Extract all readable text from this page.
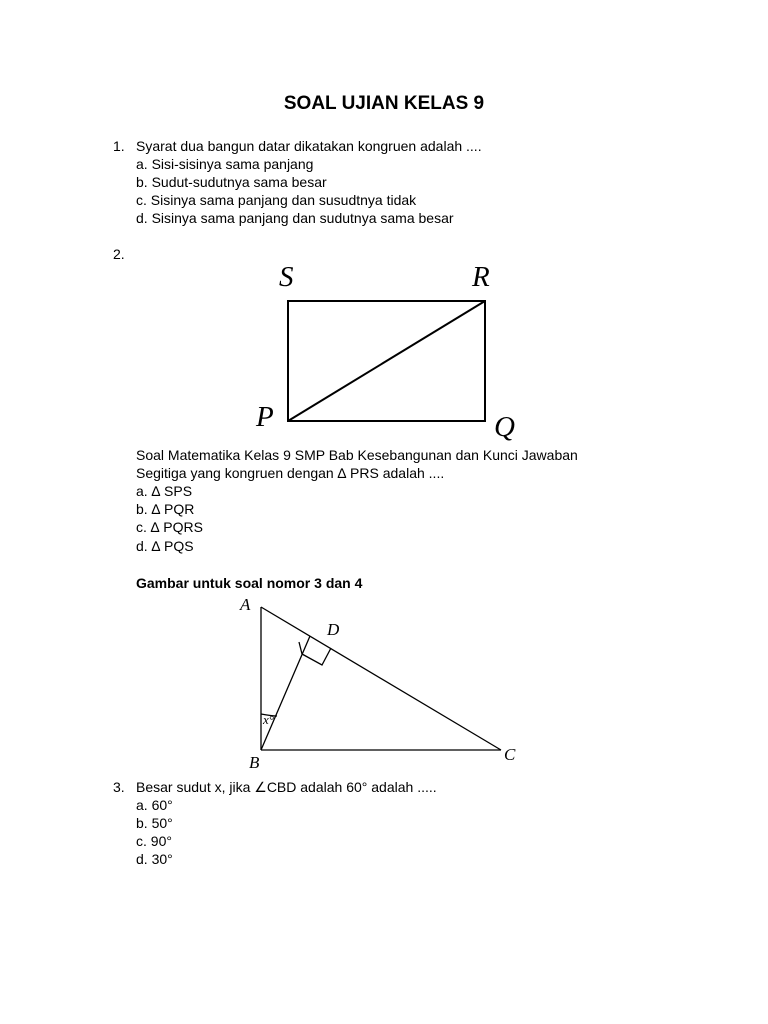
SOAL UJIAN KELAS 9
1. Syarat dua bangun datar dikatakan kongruen adalah ....
a. Sisi-sisinya sama panjang
b. Sudut-sudutnya sama besar
c. Sisinya sama panjang dan susudtnya tidak
d. Sisinya sama panjang dan sudutnya sama besar
2.
S	R
P	Q
Soal Matematika Kelas 9 SMP Bab Kesebangunan dan Kunci Jawaban
Segitiga yang kongruen dengan ∆ PRS adalah ....
a. ∆ SPS
b. ∆ PQR
c. ∆ PQRS
d. ∆ PQS
Gambar untuk soal nomor 3 dan 4
A
D
x°
B	C
3. Besar sudut x, jika ∠CBD adalah 60° adalah .....
a. 60°
b. 50°
c. 90°
d. 30°
